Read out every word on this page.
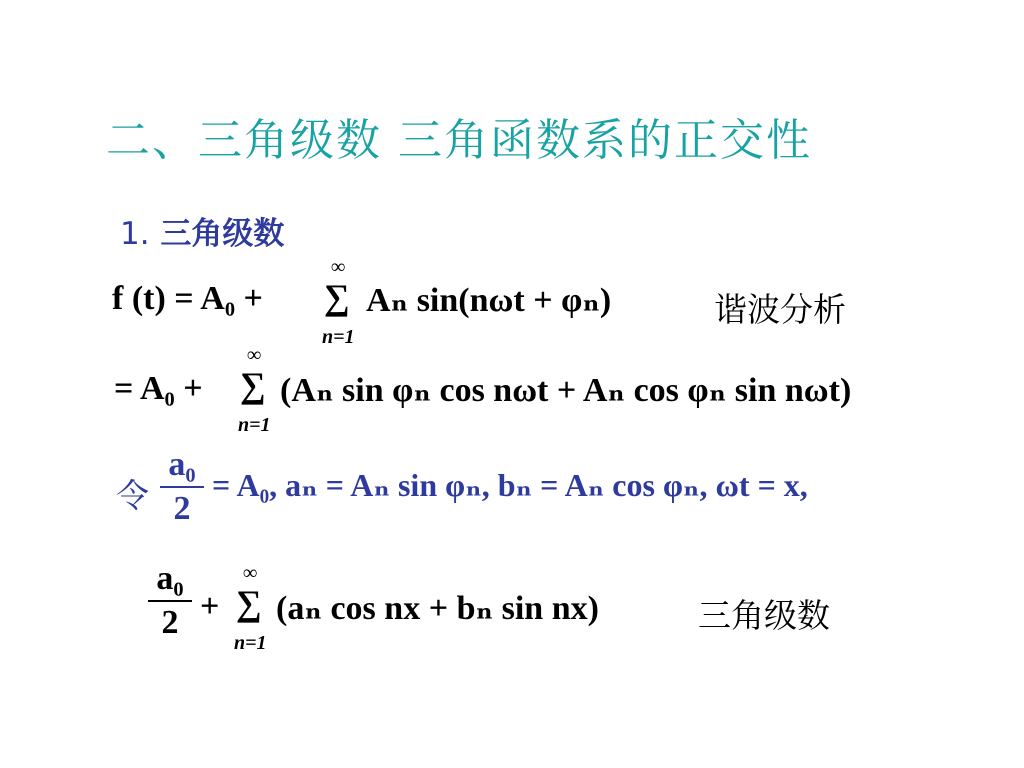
二、三角级数 三角函数系的正交性
1. 三角级数
f (t) = A₀ +
∞
∑
n=1
Aₙ sin(nωt + φₙ)	谐波分析
= A₀ +
∞
∑
n=1
(Aₙ sin φₙ cos nωt + Aₙ cos φₙ sin nωt)
令
a₀
2
= A₀, aₙ = Aₙ sin φₙ, bₙ = Aₙ cos φₙ, ωt = x,
a₀
2 +
∞
∑
n=1
(aₙ cos nx + bₙ sin nx)	三角级数
